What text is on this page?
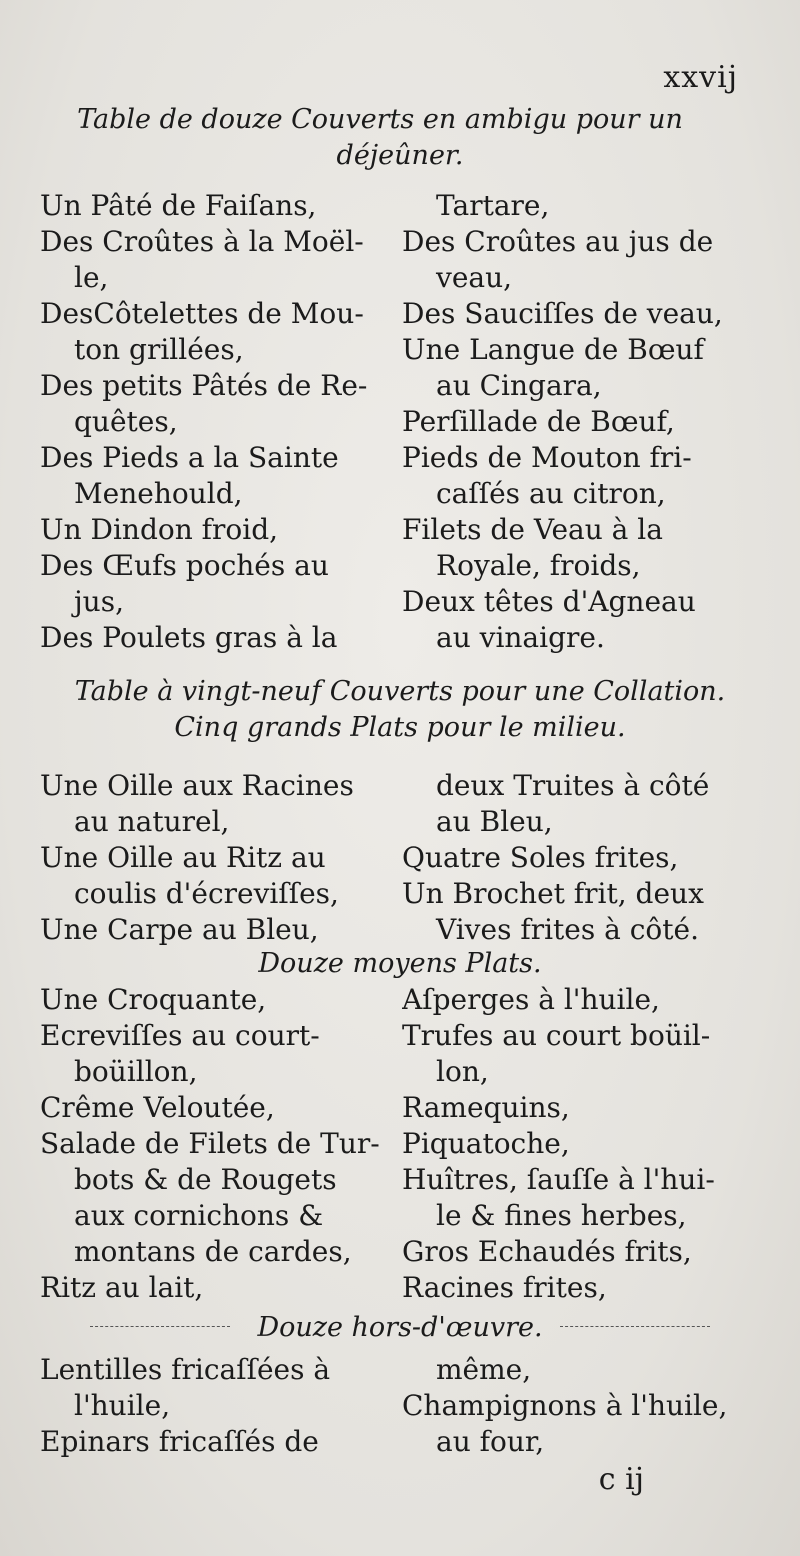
xxvij
Table de douze Couverts en ambigu pour un
déjeûner.
Un Pâté de Faiſans,
Des Croûtes à la Moël-
le,
DesCôtelettes de Mou-
ton grillées,
Des petits Pâtés de Re-
quêtes,
Des Pieds a la Sainte
Menehould,
Un Dindon froid,
Des Œufs pochés au
jus,
Des Poulets gras à la
Tartare,
Des Croûtes au jus de
veau,
Des Sauciſſes de veau,
Une Langue de Bœuf
au Cingara,
Perſillade de Bœuf,
Pieds de Mouton fri-
caſſés au citron,
Filets de Veau à la
Royale, froids,
Deux têtes d'Agneau
au vinaigre.
Table à vingt-neuf Couverts pour une Collation.
Cinq grands Plats pour le milieu.
Une Oille aux Racines
au naturel,
Une Oille au Ritz au
coulis d'écreviſſes,
Une Carpe au Bleu,
deux Truites à côté
au Bleu,
Quatre Soles frites,
Un Brochet frit, deux
Vives frites à côté.
Douze moyens Plats.
Une Croquante,
Ecreviſſes au court-
boüillon,
Crême Veloutée,
Salade de Filets de Tur-
bots & de Rougets
aux cornichons &
montans de cardes,
Ritz au lait,
Aſperges à l'huile,
Trufes au court boüil-
lon,
Ramequins,
Piquatoche,
Huîtres, ſauſſe à l'hui-
le & fines herbes,
Gros Echaudés frits,
Racines frites,
Douze hors-d'œuvre.
Lentilles fricaſſées à
l'huile,
Epinars fricaſſés de
même,
Champignons à l'huile,
au four,
c ij
